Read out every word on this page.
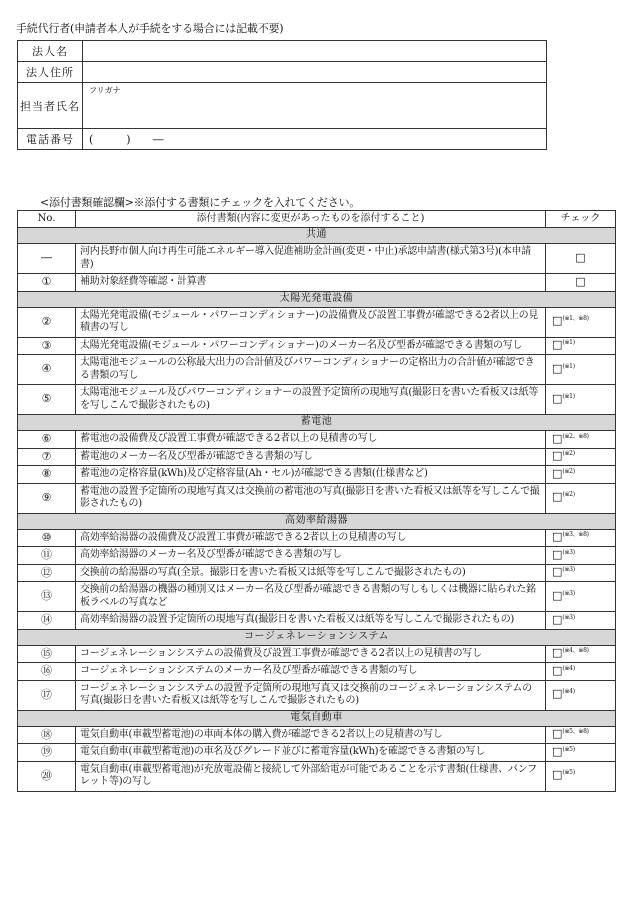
手続代行者(申請者本人が手続をする場合には記載不要)
法人名	
法人住所	
担当者氏名	フリガナ
電話番号	(　　　)　　―
<添付書類確認欄>※添付する書類にチェックを入れてください。
No.	添付書類(内容に変更があったものを添付すること)	チェック
共通		
―	河内長野市個人向け再生可能エネルギー導入促進補助金計画(変更・中止)承認申請書(様式第3号)(本申請書)	□
①	補助対象経費等確認・計算書	□
太陽光発電設備		
②	太陽光発電設備(モジュール・パワーコンディショナー)の設備費及び設置工事費が確認できる2者以上の見積書の写し	□$^{(※1、※8)}$
③	太陽光発電設備(モジュール・パワーコンディショナー)のメーカー名及び型番が確認できる書類の写し	□$^{(※1)}$
④	太陽電池モジュールの公称最大出力の合計値及びパワーコンディショナーの定格出力の合計値が確認できる書類の写し	□$^{(※1)}$
⑤	太陽電池モジュール及びパワーコンディショナーの設置予定箇所の現地写真(撮影日を書いた看板又は紙等を写しこんで撮影されたもの)	□$^{(※1)}$
蓄電池		
⑥	蓄電池の設備費及び設置工事費が確認できる2者以上の見積書の写し	□$^{(※2、※8)}$
⑦	蓄電池のメーカー名及び型番が確認できる書類の写し	□$^{(※2)}$
⑧	蓄電池の定格容量(kWh)及び定格容量(Ah・セル)が確認できる書類(仕様書など)	□$^{(※2)}$
⑨	蓄電池の設置予定箇所の現地写真又は交換前の蓄電池の写真(撮影日を書いた看板又は紙等を写しこんで撮影されたもの)	□$^{(※2)}$
高効率給湯器		
⑩	高効率給湯器の設備費及び設置工事費が確認できる2者以上の見積書の写し	□$^{(※3、※8)}$
⑪	高効率給湯器のメーカー名及び型番が確認できる書類の写し	□$^{(※3)}$
⑫	交換前の給湯器の写真(全景。撮影日を書いた看板又は紙等を写しこんで撮影されたもの)	□$^{(※3)}$
⑬	交換前の給湯器の機器の種別又はメーカー名及び型番が確認できる書類の写しもしくは機器に貼られた銘板ラベルの写真など	□$^{(※3)}$
⑭	高効率給湯器の設置予定箇所の現地写真(撮影日を書いた看板又は紙等を写しこんで撮影されたもの)	□$^{(※3)}$
コージェネレーションシステム		
⑮	コージェネレーションシステムの設備費及び設置工事費が確認できる2者以上の見積書の写し	□$^{(※4、※8)}$
⑯	コージェネレーションシステムのメーカー名及び型番が確認できる書類の写し	□$^{(※4)}$
⑰	コージェネレーションシステムの設置予定箇所の現地写真又は交換前のコージェネレーションシステムの写真(撮影日を書いた看板又は紙等を写しこんで撮影されたもの)	□$^{(※4)}$
電気自動車		
⑱	電気自動車(車載型蓄電池)の車両本体の購入費が確認できる2者以上の見積書の写し	□$^{(※5、※8)}$
⑲	電気自動車(車載型蓄電池)の車名及びグレード並びに蓄電容量(kWh)を確認できる書類の写し	□$^{(※5)}$
⑳	電気自動車(車載型蓄電池)が充放電設備と接続して外部給電が可能であることを示す書類(仕様書、パンフレット等)の写し	□$^{(※5)}$
